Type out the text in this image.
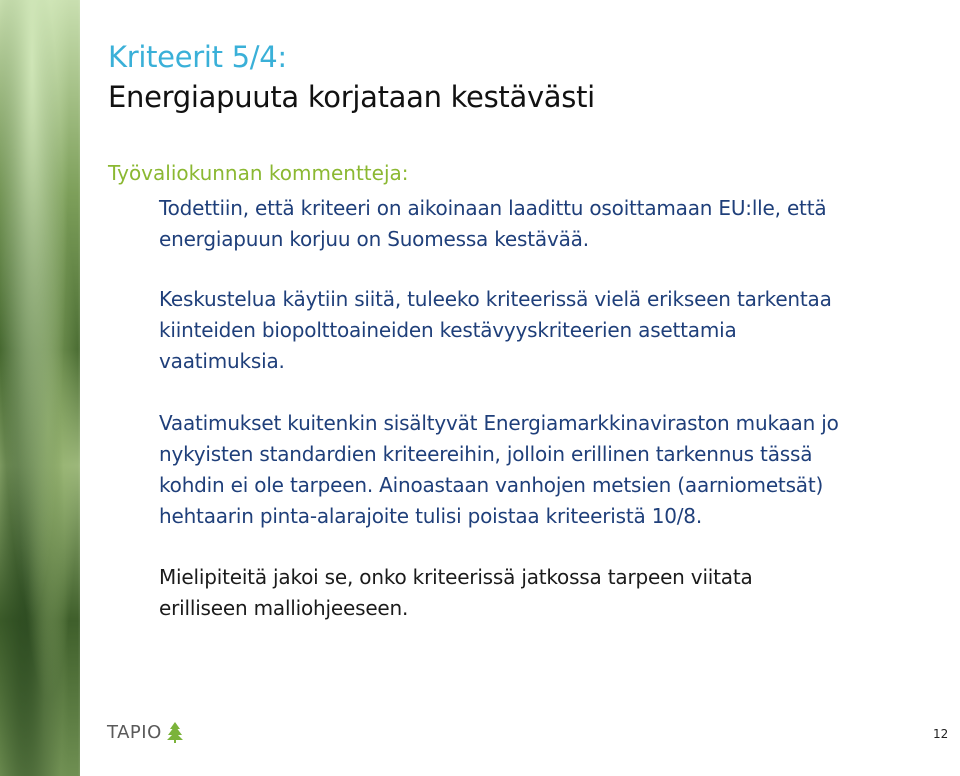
Kriteerit 5/4:
Energiapuuta korjataan kestävästi
Työvaliokunnan kommentteja:

Todettiin, että kriteeri on aikoinaan laadittu osoittamaan EU:lle, että
energiapuun korjuu on Suomessa kestävää.

Keskustelua käytiin siitä, tuleeko kriteerissä vielä erikseen tarkentaa
kiinteiden biopolttoaineiden kestävyyskriteerien asettamia
vaatimuksia.

Vaatimukset kuitenkin sisältyvät Energiamarkkinaviraston mukaan jo
nykyisten standardien kriteereihin, jolloin erillinen tarkennus tässä
kohdin ei ole tarpeen. Ainoastaan vanhojen metsien (aarniometsät)
hehtaarin pinta-alarajoite tulisi poistaa kriteeristä 10/8.

Mielipiteitä jakoi se, onko kriteerissä jatkossa tarpeen viitata
erilliseen malliohjeeseen.

TAPIO	12
